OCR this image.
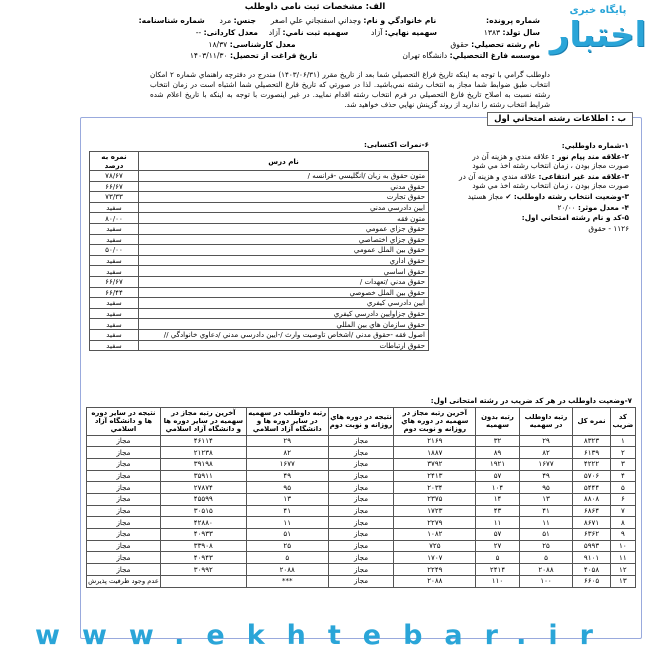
پایگاه خبری
اختبار
الف: مشخصات ثبت نامی داوطلب
شماره پرونده:  نام خانوادگي و نام: وجداني اسفنجاني علي اصغر  جنس: مرد  شماره شناسنامه:
سال تولد: ۱۳۸۳  سهميه نهايي: آزاد  سهميه ثبت نامي: آزاد  معدل کاردانی: --
نام رشته تحصيلي: حقوق  معدل کارشناسی: ۱۸/۳۷
موسسه فارغ التحصيلي: دانشگاه تهران  تاریخ فراغت از تحصیل: ۱۴۰۳/۱۱/۳۰
داوطلب گرامي با توجه به اينکه تاريخ فراغ التحصيلي شما بعد از تاريخ مقرر (۱۴۰۳/۰۶/۳۱) مندرج در دفترچه راهنماي شماره ۲ امکان انتخاب طبق ضوابط شما مجاز به انتخاب رشته نمي‌باشيد. لذا در صورتي که تاريخ فارغ التحصيلي شما اشتباه است در زمان انتخاب رشته نسبت به اصلاح تاريخ فارغ التحصيلي در فرم انتخاب رشته اقدام نماييد. در غير اينصورت با توجه به اينکه با تاريخ اعلام شده شرايط انتخاب رشته را نداريد از روند گزينش نهايي حذف خواهيد شد.
ب : اطلاعات رشته امتحاني اول
۱-شماره داوطلبي:
۲-علاقه مند پیام نور : علاقه مندي و هزينه آن در صورت مجاز بودن ، زمان انتخاب رشته اخذ مي شود
۳-علاقه مند غیر انتفاعی: علاقه مندي و هزينه آن در صورت مجاز بودن ، زمان انتخاب رشته اخذ مي شود
۳-وضعيت انتخاب رشته داوطلب: ✔ مجاز هستيد
۴- معدل موثر: ۲۰/۰۰
۵-کد و نام رشته امتحاني اول:
۱۱۲۶ - حقوق
۶-نمرات اکتسابی:
نام درس	نمره به درصد
متون حقوق به زبان /انگليسي -فرانسه /	۷۸/۶۷
حقوق مدني	۶۶/۶۷
حقوق تجارت	۷۳/۳۳
ايين دادرسي مدني	سفید
متون فقه	۸۰/۰۰
حقوق جزاي عمومي	سفید
حقوق جزاي اختصاصي	سفید
حقوق بين الملل عمومي	۵۰/۰۰
حقوق اداري	سفید
حقوق اساسي	سفید
حقوق مدني /تعهدات /	۶۶/۶۷
حقوق بين الملل خصوصي	۶۶/۴۴
ايين دادرسي کيفري	سفید
حقوق جزاوايين دادرسي کيفري	سفید
حقوق سازمان هاي بين المللي	سفید
اصول فقه -حقوق مدني /اشخاص تاوصيت وارث /-ايين دادرسي مدني /دعاوي خانوادگي //	سفید
حقوق ارتباطات	سفید
۷-وضعیت داوطلب در هر کد ضریب در رشته امتحانی اول:
کد ضریب	نمره کل	رتبه داوطلب در سهميه	رتبه بدون سهمیه	آخرين رتبه مجاز در سهميه در دوره هاي روزانه و نوبت دوم	نتيجه در دوره هاي روزانه و نوبت دوم	رتبه داوطلب در سهميه در ساير دوره ها و دانشگاه آزاد اسلامي	آخرين رتبه مجاز در سهميه در ساير دوره ها و دانشگاه آزاد اسلامي	نتيجه در ساير دوره ها و دانشگاه آزاد اسلامي
۱	۸۳۲۳	۲۹	۳۲	۲۱۶۹	مجاز	۲۹	۴۶۱۱۴	مجاز
۲	۶۱۳۹	۸۲	۸۹	۱۸۸۷	مجاز	۸۲	۲۱۲۳۸	مجاز
۳	۴۲۲۲	۱۶۷۷	۱۹۲۱	۳۷۹۲	مجاز	۱۶۷۷	۳۹۱۹۸	مجاز
۴	۵۷۰۶	۴۹	۵۷	۲۴۱۳	مجاز	۴۹	۳۵۹۱۱	مجاز
۵	۵۴۴۴	۹۵	۱۰۴	۲۰۳۴	مجاز	۹۵	۲۷۸۷۴	مجاز
۶	۸۸۰۸	۱۳	۱۴	۲۳۷۵	مجاز	۱۳	۴۵۵۹۹	مجاز
۷	۶۸۶۴	۴۱	۴۳	۱۷۲۳	مجاز	۴۱	۳۰۵۱۵	مجاز
۸	۸۶۷۱	۱۱	۱۱	۲۲۷۹	مجاز	۱۱	۴۲۸۸۰	مجاز
۹	۶۳۶۲	۵۱	۵۷	۱۰۸۲	مجاز	۵۱	۴۰۹۳۳	مجاز
۱۰	۵۹۹۳	۲۵	۲۷	۷۲۵	مجاز	۲۵	۳۳۹۰۸	مجاز
۱۱	۹۱۰۱	۵	۵	۱۷۰۷	مجاز	۵	۴۰۹۴۳	مجاز
۱۲	۴۰۵۸	۲۰۸۸	۲۴۱۴	۲۲۴۹	مجاز	۲۰۸۸	۳۰۹۹۲	مجاز
۱۳	۶۶۰۵	۱۰۰	۱۱۰	۲۰۸۸	مجاز	***		عدم وجود ظرفیت پذیرش
www.ekhtebar.ir
